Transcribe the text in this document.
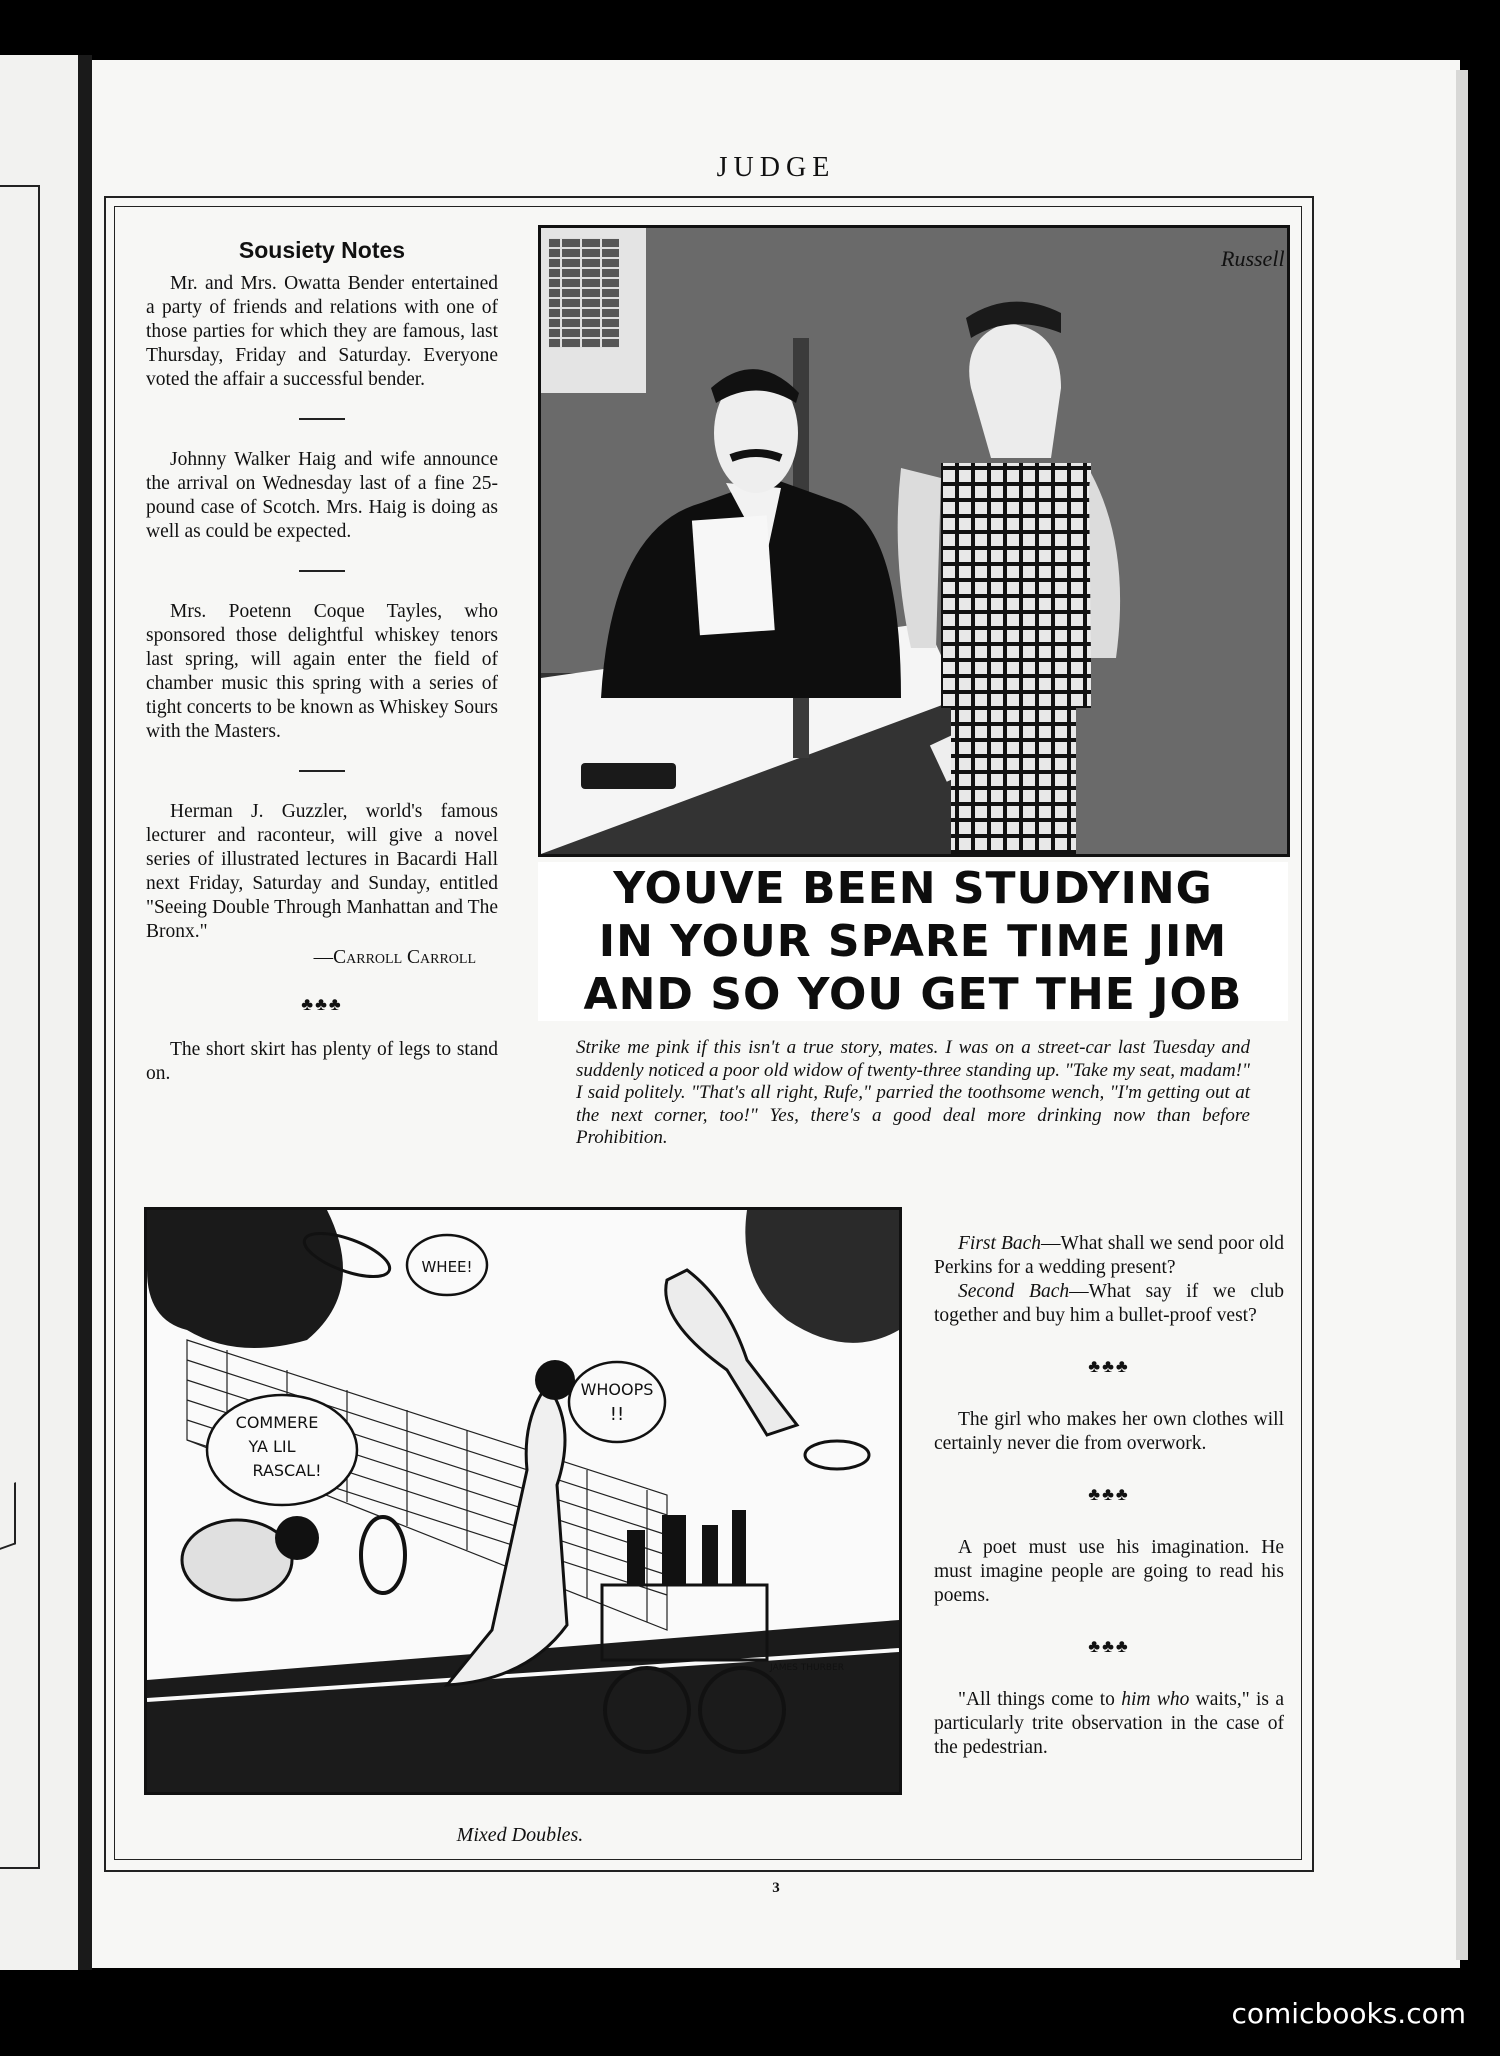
JUDGE
Sousiety Notes

Mr. and Mrs. Owatta Bender entertained a party of friends and relations with one of those parties for which they are famous, last Thursday, Friday and Saturday. Everyone voted the affair a successful bender.

Johnny Walker Haig and wife announce the arrival on Wednesday last of a fine 25-pound case of Scotch. Mrs. Haig is doing as well as could be expected.

Mrs. Poetenn Coque Tayles, who sponsored those delightful whiskey tenors last spring, will again enter the field of chamber music this spring with a series of tight concerts to be known as Whiskey Sours with the Masters.

Herman J. Guzzler, world's famous lecturer and raconteur, will give a novel series of illustrated lectures in Bacardi Hall next Friday, Saturday and Sunday, entitled "Seeing Double Through Manhattan and The Bronx."

—Carroll Carroll
♣♣♣

The short skirt has plenty of legs to stand on.

Russell
YOUVE BEEN STUDYING
IN YOUR SPARE TIME JIM
AND SO YOU GET THE JOB
Strike me pink if this isn't a true story, mates. I was on a street-car last Tuesday and suddenly noticed a poor old widow of twenty-three standing up. "Take my seat, madam!" I said politely. "That's all right, Rufe," parried the toothsome wench, "I'm getting out at the next corner, too!" Yes, there's a good deal more drinking now than before Prohibition.
WHEE!
COMMERE
YA LIL
RASCAL!
WHOOPS
!!
JAMES THURBER
Mixed Doubles.

First Bach—What shall we send poor old Perkins for a wedding present?

Second Bach—What say if we club together and buy him a bullet-proof vest?

♣♣♣

The girl who makes her own clothes will certainly never die from overwork.

♣♣♣

A poet must use his imagination. He must imagine people are going to read his poems.

♣♣♣

"All things come to him who waits," is a particularly trite observation in the case of the pedestrian.

3
comicbooks.com
